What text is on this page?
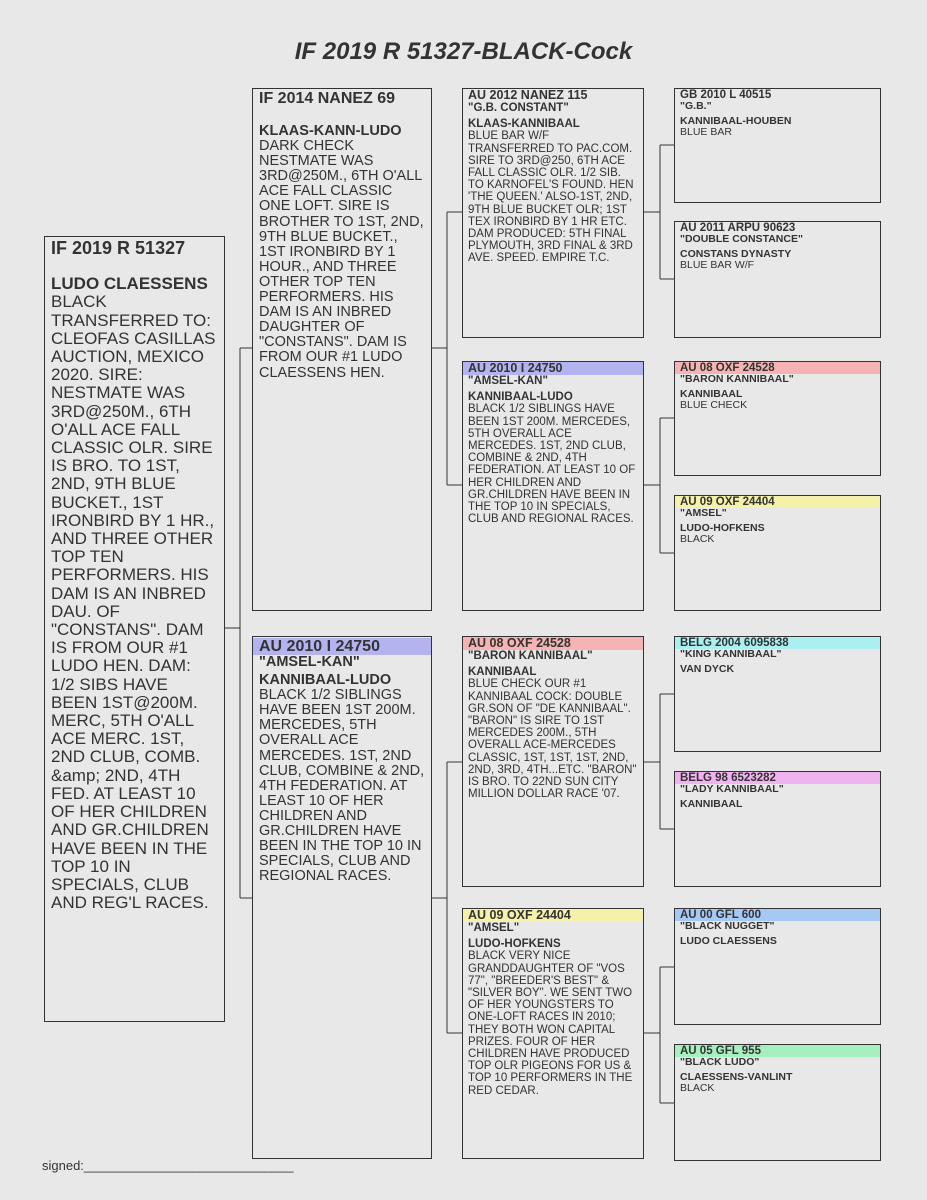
IF 2019 R 51327-BLACK-Cock
IF 2019 R 51327
LUDO CLAESSENS
BLACK TRANSFERRED TO: CLEOFAS CASILLAS AUCTION, MEXICO 2020. SIRE: NESTMATE WAS 3RD@250M., 6TH O'ALL ACE FALL CLASSIC OLR. SIRE IS BRO. TO 1ST, 2ND, 9TH BLUE BUCKET., 1ST IRONBIRD BY 1 HR., AND THREE OTHER TOP TEN PERFORMERS. HIS DAM IS AN INBRED DAU. OF "CONSTANS". DAM IS FROM OUR #1 LUDO HEN. DAM: 1/2 SIBS HAVE BEEN 1ST@200M. MERC, 5TH O'ALL ACE MERC. 1ST, 2ND CLUB, COMB. &amp; 2ND, 4TH FED. AT LEAST 10 OF HER CHILDREN AND GR.CHILDREN HAVE BEEN IN THE TOP 10 IN SPECIALS, CLUB AND REG'L RACES.
IF 2014 NANEZ 69
KLAAS-KANN-LUDO
DARK CHECK NESTMATE WAS 3RD@250M., 6TH O'ALL ACE FALL CLASSIC ONE LOFT. SIRE IS BROTHER TO 1ST, 2ND, 9TH BLUE BUCKET., 1ST IRONBIRD BY 1 HOUR., AND THREE OTHER TOP TEN PERFORMERS. HIS DAM IS AN INBRED DAUGHTER OF "CONSTANS". DAM IS FROM OUR #1 LUDO CLAESSENS HEN.
AU 2010 I 24750
"AMSEL-KAN"
KANNIBAAL-LUDO
BLACK 1/2 SIBLINGS HAVE BEEN 1ST 200M. MERCEDES, 5TH OVERALL ACE MERCEDES. 1ST, 2ND CLUB, COMBINE & 2ND, 4TH FEDERATION. AT LEAST 10 OF HER CHILDREN AND GR.CHILDREN HAVE BEEN IN THE TOP 10 IN SPECIALS, CLUB AND REGIONAL RACES.
AU 2012 NANEZ 115
"G.B. CONSTANT"
KLAAS-KANNIBAAL
BLUE BAR W/F TRANSFERRED TO PAC.COM. SIRE TO 3RD@250, 6TH ACE FALL CLASSIC OLR. 1/2 SIB. TO KARNOFEL'S FOUND. HEN 'THE QUEEN.' ALSO-1ST, 2ND, 9TH BLUE BUCKET OLR; 1ST TEX IRONBIRD BY 1 HR ETC. DAM PRODUCED: 5TH FINAL PLYMOUTH, 3RD FINAL & 3RD AVE. SPEED. EMPIRE T.C.
AU 2010 I 24750
"AMSEL-KAN"
KANNIBAAL-LUDO
BLACK 1/2 SIBLINGS HAVE BEEN 1ST 200M. MERCEDES, 5TH OVERALL ACE MERCEDES. 1ST, 2ND CLUB, COMBINE & 2ND, 4TH FEDERATION. AT LEAST 10 OF HER CHILDREN AND GR.CHILDREN HAVE BEEN IN THE TOP 10 IN SPECIALS, CLUB AND REGIONAL RACES.
AU 08 OXF 24528
"BARON KANNIBAAL"
KANNIBAAL
BLUE CHECK OUR #1 KANNIBAAL COCK: DOUBLE GR.SON OF "DE KANNIBAAL". "BARON" IS SIRE TO 1ST MERCEDES 200M., 5TH OVERALL ACE-MERCEDES CLASSIC, 1ST, 1ST, 1ST, 2ND, 2ND, 3RD, 4TH...ETC. "BARON" IS BRO. TO 22ND SUN CITY MILLION DOLLAR RACE '07.
AU 09 OXF 24404
"AMSEL"
LUDO-HOFKENS
BLACK VERY NICE GRANDDAUGHTER OF "VOS 77", "BREEDER'S BEST" & "SILVER BOY". WE SENT TWO OF HER YOUNGSTERS TO ONE-LOFT RACES IN 2010; THEY BOTH WON CAPITAL PRIZES. FOUR OF HER CHILDREN HAVE PRODUCED TOP OLR PIGEONS FOR US & TOP 10 PERFORMERS IN THE RED CEDAR.
GB 2010 L 40515
"G.B."
KANNIBAAL-HOUBEN
BLUE BAR
AU 2011 ARPU 90623
"DOUBLE CONSTANCE"
CONSTANS DYNASTY
BLUE BAR W/F
AU 08 OXF 24528
"BARON KANNIBAAL"
KANNIBAAL
BLUE CHECK
AU 09 OXF 24404
"AMSEL"
LUDO-HOFKENS
BLACK
BELG 2004 6095838
"KING KANNIBAAL"
VAN DYCK
BELG 98 6523282
"LADY KANNIBAAL"
KANNIBAAL
AU 00 GFL 600
"BLACK NUGGET"
LUDO CLAESSENS
AU 05 GFL 955
"BLACK LUDO"
CLAESSENS-VANLINT
BLACK
signed:_____________________________
